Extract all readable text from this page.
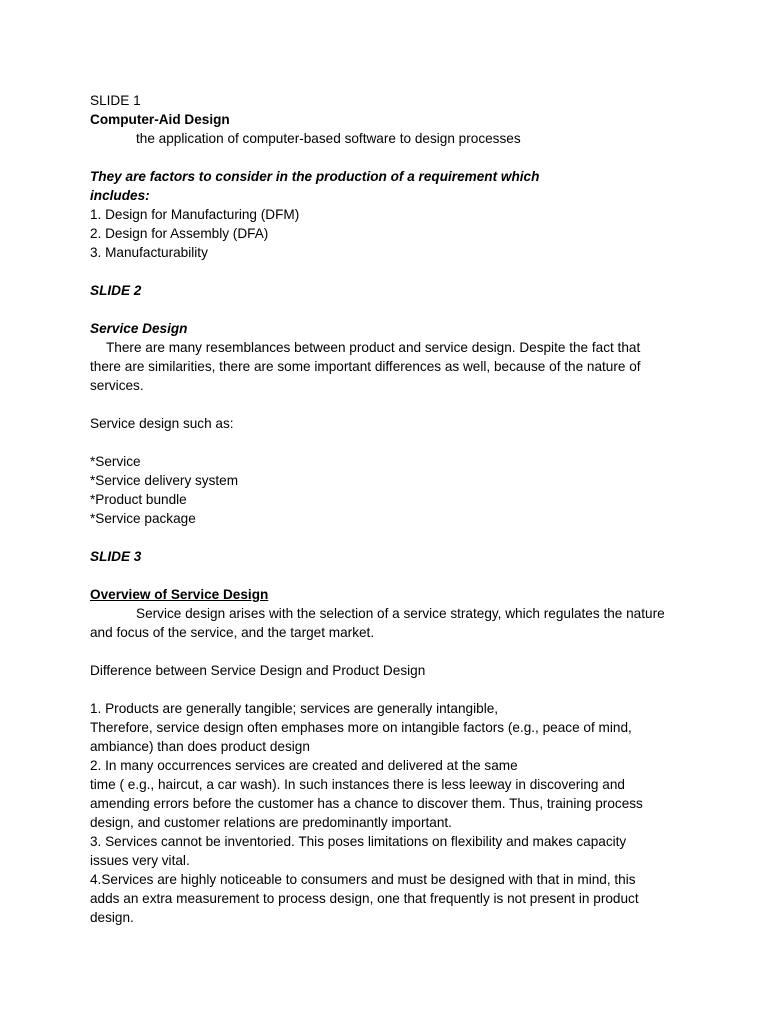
SLIDE 1

Computer-Aid Design

the application of computer-based software to design processes

They are factors to consider in the production of a requirement which

includes:

1. Design for Manufacturing (DFM)

2. Design for Assembly (DFA)

3. Manufacturability

SLIDE 2

Service Design

There are many resemblances between product and service design. Despite the fact that

there are similarities, there are some important differences as well, because of the nature of

services.

Service design such as:

*Service

*Service delivery system

*Product bundle

*Service package

SLIDE 3

Overview of Service Design

Service design arises with the selection of a service strategy, which regulates the nature

and focus of the service, and the target market.

Difference between Service Design and Product Design

1. Products are generally tangible; services are generally intangible,

Therefore, service design often emphases more on intangible factors (e.g., peace of mind,

ambiance) than does product design

2. In many occurrences services are created and delivered at the same

time ( e.g., haircut, a car wash). In such instances there is less leeway in discovering and

amending errors before the customer has a chance to discover them. Thus, training process

design, and customer relations are predominantly important.

3. Services cannot be inventoried. This poses limitations on flexibility and makes capacity

issues very vital.

4.Services are highly noticeable to consumers and must be designed with that in mind, this

adds an extra measurement to process design, one that frequently is not present in product

design.
